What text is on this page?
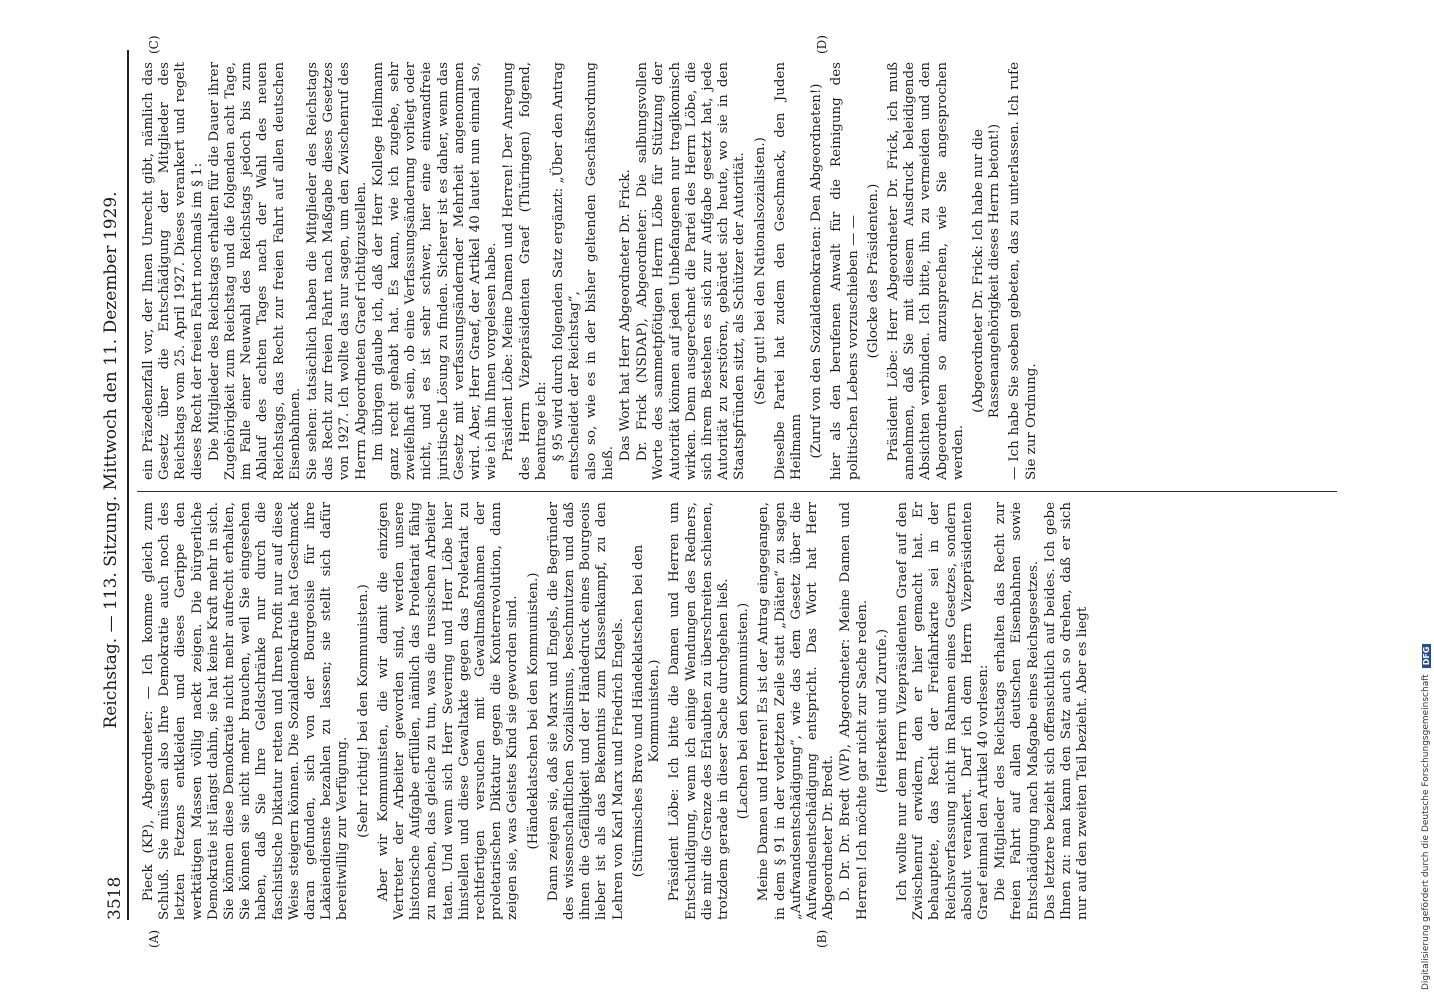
3518
Reichstag. — 113. Sitzung. Mittwoch den 11. Dezember 1929.
(A)	(B)
(C)	(D)

Pieck (KP), Abgeordneter: — Ich komme gleich zum Schluß. Sie müssen also Ihre Demokratie auch noch des letzten Fetzens entkleiden und dieses Gerippe den werktätigen Massen völlig nackt zeigen. Die bürgerliche Demokratie ist längst dahin, sie hat keine Kraft mehr in sich. Sie können diese Demokratie nicht mehr aufrecht erhalten, Sie können sie nicht mehr brauchen, weil Sie eingesehen haben, daß Sie Ihre Geldschränke nur durch die faschistische Diktatur retten und Ihren Profit nur auf diese Weise steigern können. Die Sozialdemokratie hat Geschmack daran gefunden, sich von der Bourgeoisie für ihre Lakaiendienste bezahlen zu lassen; sie stellt sich dafür bereitwillig zur Verfügung. (Sehr richtig! bei den Kommunisten.) Aber wir Kommunisten, die wir damit die einzigen Vertreter der Arbeiter geworden sind, werden unsere historische Aufgabe erfüllen, nämlich das Proletariat fähig zu machen, das gleiche zu tun, was die russischen Arbeiter taten. Und wenn sich Herr Severing und Herr Löbe hier hinstellen und diese Gewaltakte gegen das Proletariat zu rechtfertigen versuchen mit Gewaltmaßnahmen der proletarischen Diktatur gegen die Konterrevolution, dann zeigen sie, was Geistes Kind sie geworden sind. (Händeklatschen bei den Kommunisten.) Dann zeigen sie, daß sie Marx und Engels, die Begründer des wissenschaftlichen Sozialismus, beschmutzen und daß ihnen die Gefälligkeit und der Händedruck eines Bourgeois lieber ist als das Bekenntnis zum Klassenkampf, zu den Lehren von Karl Marx und Friedrich Engels. (Stürmisches Bravo und Händeklatschen bei den Kommunisten.) Präsident Löbe: Ich bitte die Damen und Herren um Entschuldigung, wenn ich einige Wendungen des Redners, die mir die Grenze des Erlaubten zu überschreiten schienen, trotzdem gerade in dieser Sache durchgehen ließ. (Lachen bei den Kommunisten.) Meine Damen und Herren! Es ist der Antrag eingegangen, in dem § 91 in der vorletzten Zeile statt „Diäten“ zu sagen „Aufwandsentschädigung“, wie das dem Gesetz über die Aufwandsentschädigung entspricht. Das Wort hat Herr Abgeordneter Dr. Bredt. D. Dr. Dr. Bredt (WP), Abgeordneter: Meine Damen und Herren! Ich möchte gar nicht zur Sache reden. (Heiterkeit und Zurufe.) Ich wollte nur dem Herrn Vizepräsidenten Graef auf den Zwischenruf erwidern, den er hier gemacht hat. Er behauptete, das Recht der Freifahrkarte sei in der Reichsverfassung nicht im Rahmen eines Gesetzes, sondern absolut verankert. Darf ich dem Herrn Vizepräsidenten Graef einmal den Artikel 40 vorlesen: Die Mitglieder des Reichstags erhalten das Recht zur freien Fahrt auf allen deutschen Eisenbahnen sowie Entschädigung nach Maßgabe eines Reichsgesetzes. Das letztere bezieht sich offensichtlich auf beides. Ich gebe Ihnen zu: man kann den Satz auch so drehen, daß er sich nur auf den zweiten Teil bezieht. Aber es liegt

ein Präzedenzfall vor, der Ihnen Unrecht gibt, nämlich das Gesetz über die Entschädigung der Mitglieder des Reichstags vom 25. April 1927. Dieses verankert und regelt dieses Recht der freien Fahrt nochmals im § 1: Die Mitglieder des Reichstags erhalten für die Dauer ihrer Zugehörigkeit zum Reichstag und die folgenden acht Tage, im Falle einer Neuwahl des Reichstags jedoch bis zum Ablauf des achten Tages nach der Wahl des neuen Reichstags, das Recht zur freien Fahrt auf allen deutschen Eisenbahnen. Sie sehen: tatsächlich haben die Mitglieder des Reichstags das Recht zur freien Fahrt nach Maßgabe dieses Gesetzes von 1927. Ich wollte das nur sagen, um den Zwischenruf des Herrn Abgeordneten Graef richtigzustellen. Im übrigen glaube ich, daß der Herr Kollege Heilmann ganz recht gehabt hat. Es kann, wie ich zugebe, sehr zweifelhaft sein, ob eine Verfassungsänderung vorliegt oder nicht, und es ist sehr schwer, hier eine einwandfreie juristische Lösung zu finden. Sicherer ist es daher, wenn das Gesetz mit verfassungsändernder Mehrheit angenommen wird. Aber, Herr Graef, der Artikel 40 lautet nun einmal so, wie ich ihn Ihnen vorgelesen habe. Präsident Löbe: Meine Damen und Herren! Der Anregung des Herrn Vizepräsidenten Graef (Thüringen) folgend, beantrage ich: § 95 wird durch folgenden Satz ergänzt: „Über den Antrag entscheidet der Reichstag“, also so, wie es in der bisher geltenden Geschäftsordnung hieß.

Das Wort hat Herr Abgeordneter Dr. Frick. Dr. Frick (NSDAP), Abgeordneter: Die salbungsvollen Worte des sammetpfötigen Herrn Löbe für Stützung der Autorität können auf jeden Unbefangenen nur tragikomisch wirken. Denn ausgerechnet die Partei des Herrn Löbe, die sich ihrem Bestehen es sich zur Aufgabe gesetzt hat, jede Autorität zu zerstören, gebärdet sich heute, wo sie in den Staatspfründen sitzt, als Schützer der Autorität. (Sehr gut! bei den Nationalsozialisten.) Dieselbe Partei hat zudem den Geschmack, den Juden Heilmann (Zuruf von den Sozialdemokraten: Den Abgeordneten!) hier als den berufenen Anwalt für die Reinigung des politischen Lebens vorzuschieben — — (Glocke des Präsidenten.) Präsident Löbe: Herr Abgeordneter Dr. Frick, ich muß annehmen, daß Sie mit diesem Ausdruck beleidigende Absichten verbinden. Ich bitte, ihn zu vermeiden und den Abgeordneten so anzusprechen, wie Sie angesprochen werden.

(Abgeordneter Dr. Frick: Ich habe nur die Rassenangehörigkeit dieses Herrn betont!) — Ich habe Sie soeben gebeten, das zu unterlassen. Ich rufe Sie zur Ordnung.

Digitalisierung gefördert durch die Deutsche Forschungsgemeinschaft
DFG
